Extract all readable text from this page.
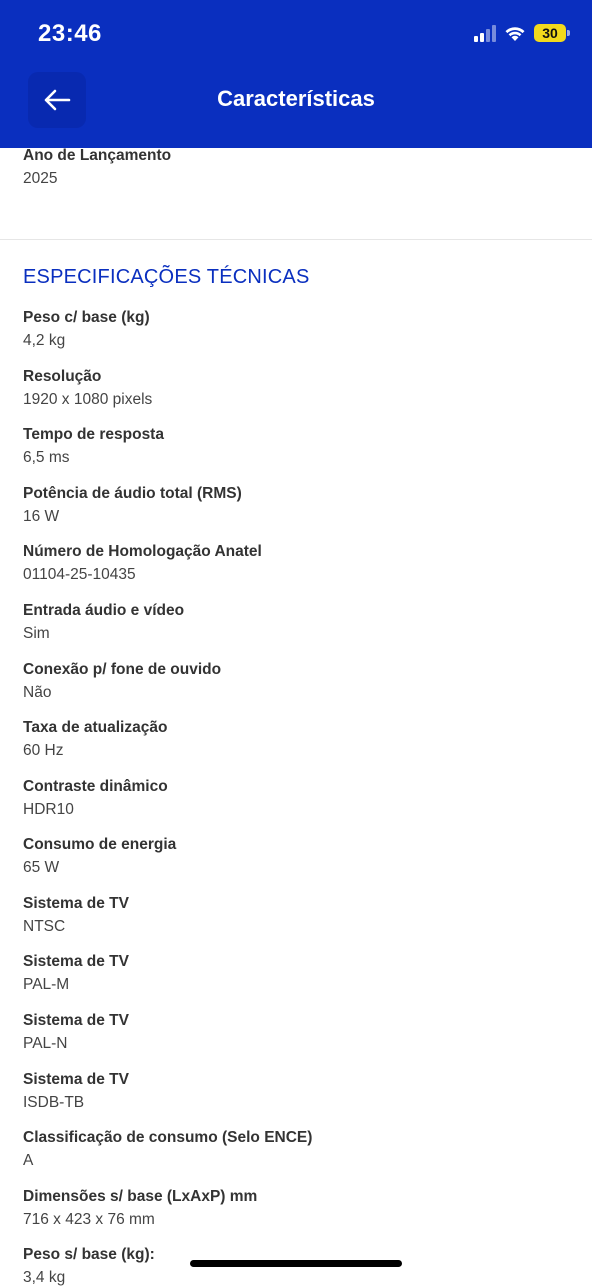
23:46	30
Características
Ano de Lançamento
2025
ESPECIFICAÇÕES TÉCNICAS
Peso c/ base (kg)
4,2 kg
Resolução
1920 x 1080 pixels
Tempo de resposta
6,5 ms
Potência de áudio total (RMS)
16 W
Número de Homologação Anatel
01104-25-10435
Entrada áudio e vídeo
Sim
Conexão p/ fone de ouvido
Não
Taxa de atualização
60 Hz
Contraste dinâmico
HDR10
Consumo de energia
65 W
Sistema de TV
NTSC
Sistema de TV
PAL-M
Sistema de TV
PAL-N
Sistema de TV
ISDB-TB
Classificação de consumo (Selo ENCE)
A
Dimensões s/ base (LxAxP) mm
716 x 423 x 76 mm
Peso s/ base (kg):
3,4 kg
